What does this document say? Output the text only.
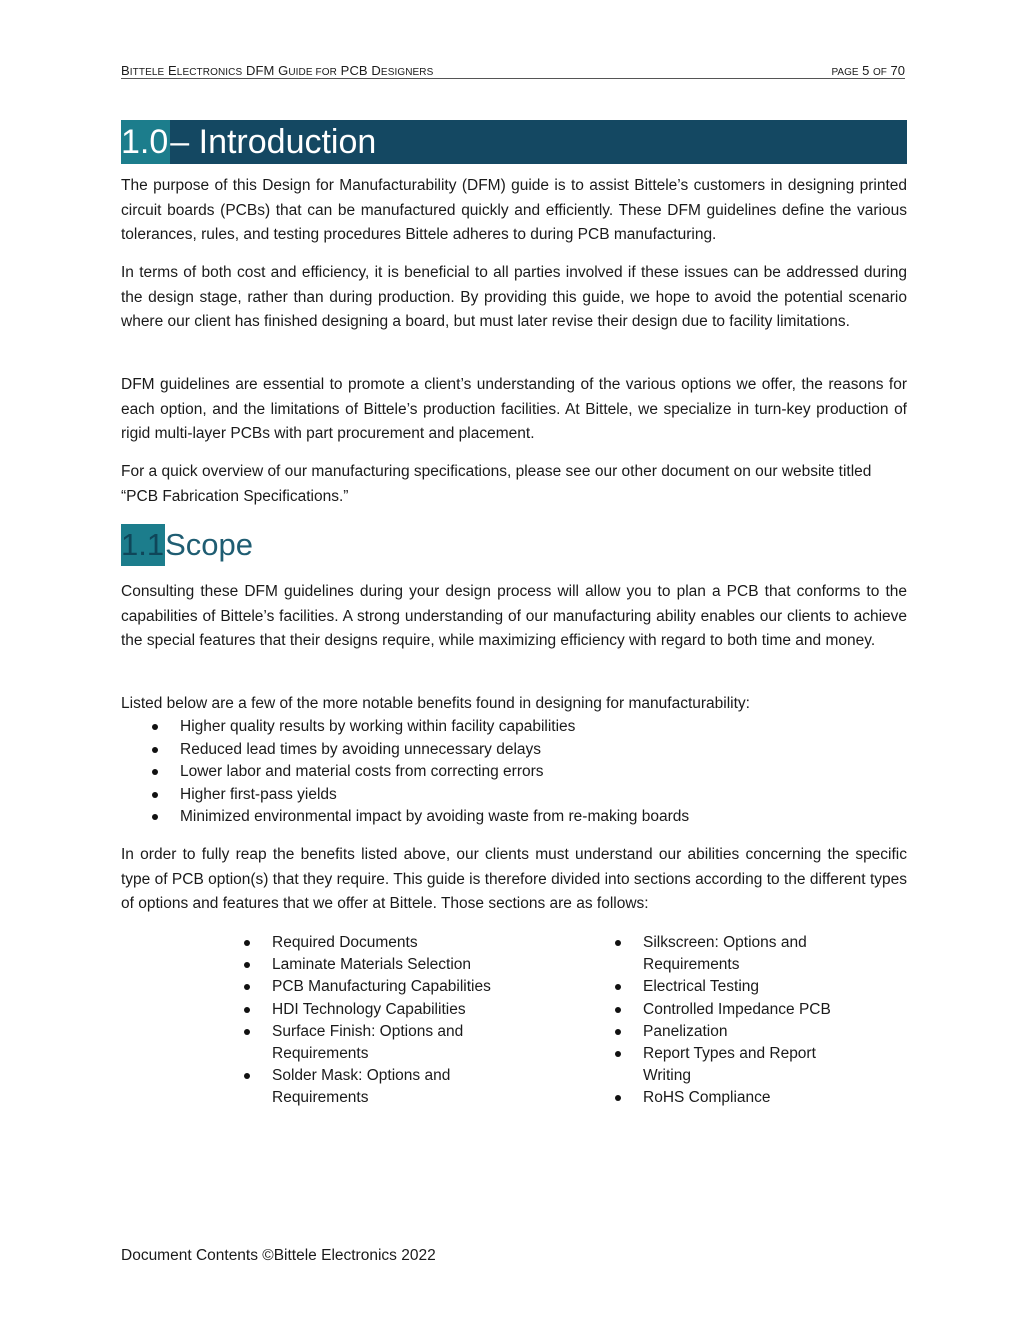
BITTELE ELECTRONICS DFM GUIDE FOR PCB DESIGNERS	PAGE 5 OF 70
1.0– Introduction

The purpose of this Design for Manufacturability (DFM) guide is to assist Bittele’s customers in designing printed circuit boards (PCBs) that can be manufactured quickly and efficiently. These DFM guidelines define the various tolerances, rules, and testing procedures Bittele adheres to during PCB manufacturing.

In terms of both cost and efficiency, it is beneficial to all parties involved if these issues can be addressed during the design stage, rather than during production. By providing this guide, we hope to avoid the potential scenario where our client has finished designing a board, but must later revise their design due to facility limitations.

DFM guidelines are essential to promote a client’s understanding of the various options we offer, the reasons for each option, and the limitations of Bittele’s production facilities. At Bittele, we specialize in turn-key production of rigid multi-layer PCBs with part procurement and placement.

For a quick overview of our manufacturing specifications, please see our other document on our website titled “PCB Fabrication Specifications.”

1.1Scope

Consulting these DFM guidelines during your design process will allow you to plan a PCB that conforms to the capabilities of Bittele’s facilities. A strong understanding of our manufacturing ability enables our clients to achieve the special features that their designs require, while maximizing efficiency with regard to both time and money.

Listed below are a few of the more notable benefits found in designing for manufacturability:

Higher quality results by working within facility capabilities
Reduced lead times by avoiding unnecessary delays
Lower labor and material costs from correcting errors
Higher first-pass yields
Minimized environmental impact by avoiding waste from re-making boards

In order to fully reap the benefits listed above, our clients must understand our abilities concerning the specific type of PCB option(s) that they require. This guide is therefore divided into sections according to the different types of options and features that we offer at Bittele. Those sections are as follows:

Required Documents
Laminate Materials Selection
PCB Manufacturing Capabilities
HDI Technology Capabilities
Surface Finish: Options and Requirements
Solder Mask: Options and Requirements
Silkscreen: Options and Requirements
Electrical Testing
Controlled Impedance PCB
Panelization
Report Types and Report Writing
RoHS Compliance
Document Contents ©Bittele Electronics 2022
